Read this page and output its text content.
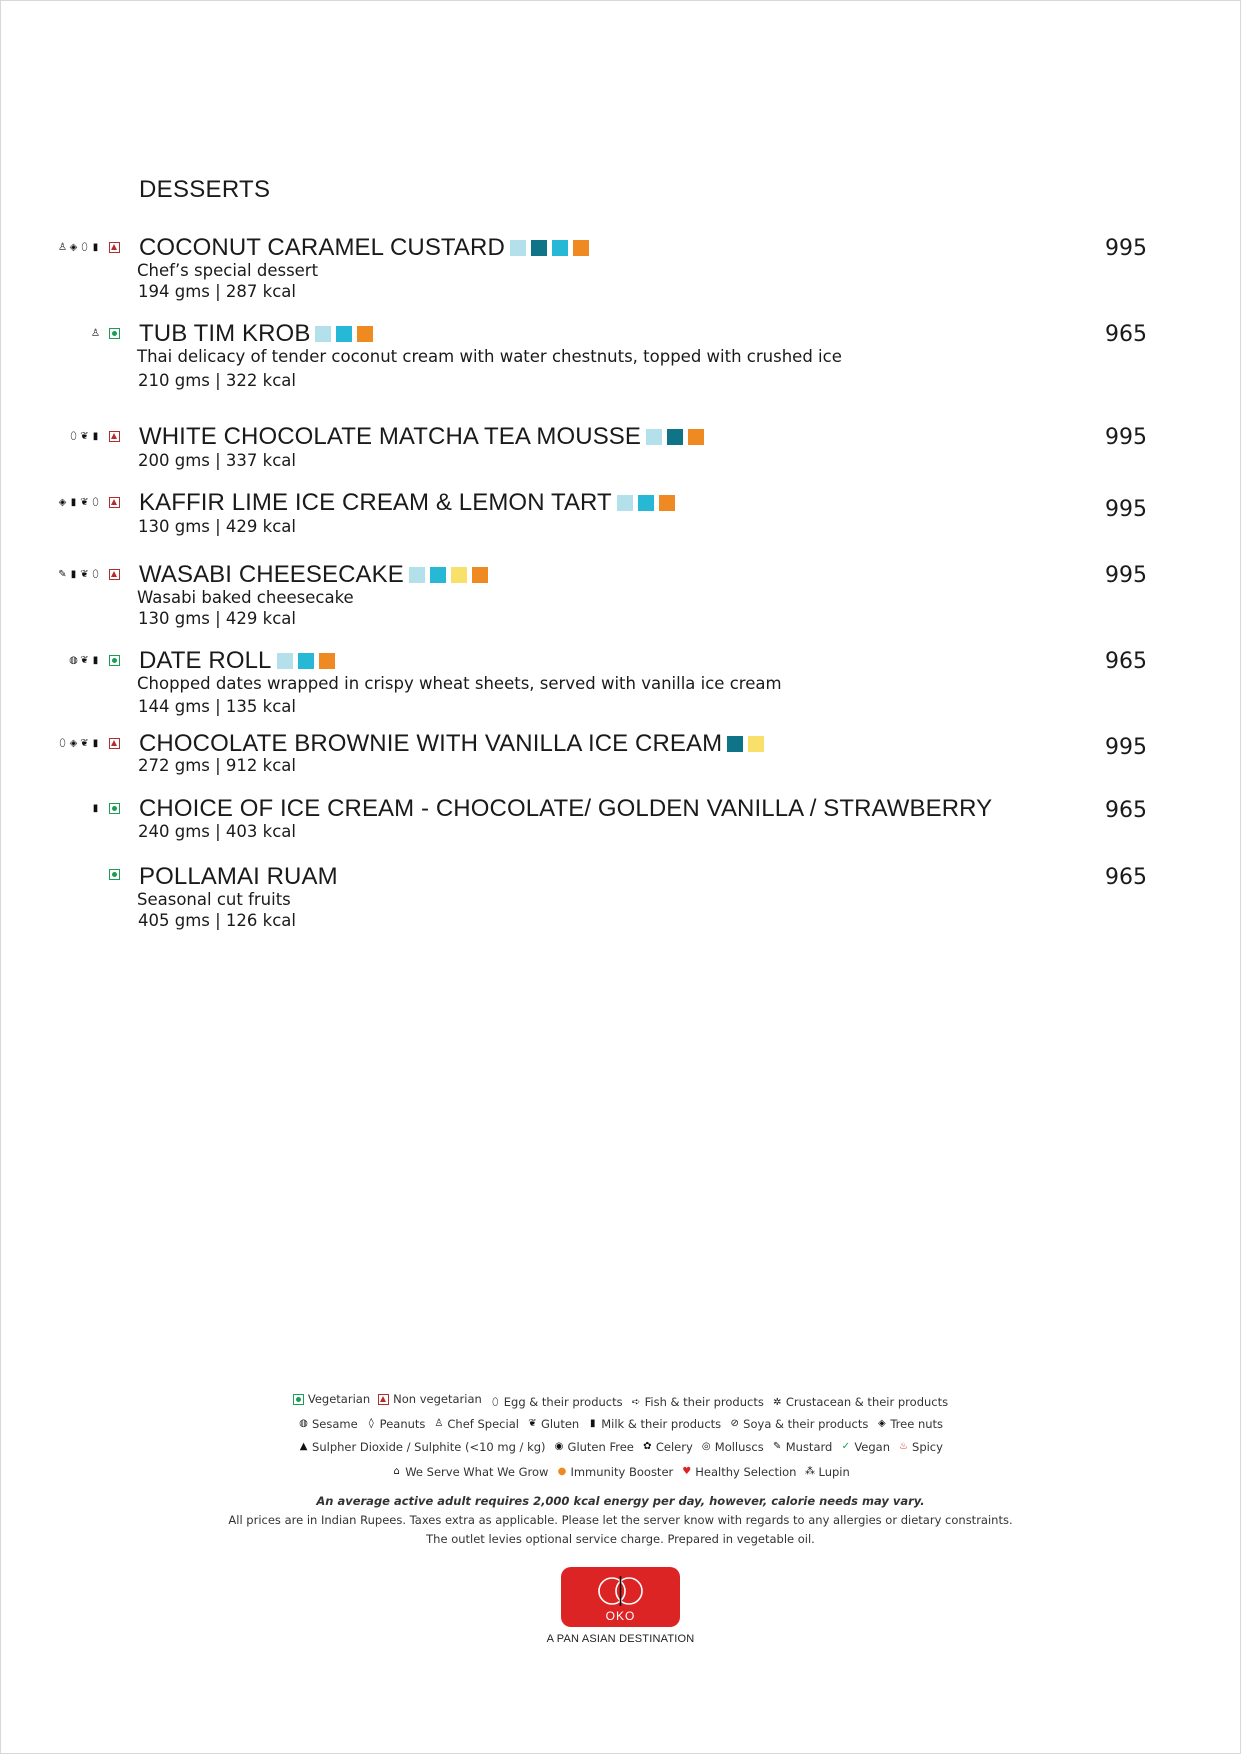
DESSERTS
♙ ◈ ⬯ ▮ COCONUT CARAMEL CUSTARD	995
Chef’s special dessert
194 gms | 287 kcal
♙ TUB TIM KROB	965
Thai delicacy of tender coconut cream with water chestnuts, topped with crushed ice
210 gms | 322 kcal
⬯ ❦ ▮ WHITE CHOCOLATE MATCHA TEA MOUSSE	995
200 gms | 337 kcal
◈ ▮ ❦ ⬯ KAFFIR LIME ICE CREAM & LEMON TART	995
130 gms | 429 kcal
✎ ▮ ❦ ⬯ WASABI CHEESECAKE	995
Wasabi baked cheesecake
130 gms | 429 kcal
◍ ❦ ▮ DATE ROLL	965
Chopped dates wrapped in crispy wheat sheets, served with vanilla ice cream
144 gms | 135 kcal
⬯ ◈ ❦ ▮ CHOCOLATE BROWNIE WITH VANILLA ICE CREAM	995
272 gms | 912 kcal
▮ CHOICE OF ICE CREAM - CHOCOLATE/ GOLDEN VANILLA / STRAWBERRY	965
240 gms | 403 kcal
POLLAMAI RUAM	965
Seasonal cut fruits
405 gms | 126 kcal
Vegetarian Non vegetarian ⬯ Egg & their products ➪ Fish & their products ✲ Crustacean & their products
◍ Sesame	◊ Peanuts ♙ Chef Special ❦ Gluten ▮ Milk & their products ⊘ Soya & their products ◈ Tree nuts
▲ Sulpher Dioxide / Sulphite (<10 mg / kg) ◉ Gluten Free ✿ Celery ◎ Molluscs ✎ Mustard ✓ Vegan ♨ Spicy
⌂ We Serve What We Grow ● Immunity Booster ♥ Healthy Selection ⁂ Lupin
An average active adult requires 2,000 kcal energy per day, however, calorie needs may vary.
All prices are in Indian Rupees. Taxes extra as applicable. Please let the server know with regards to any allergies or dietary constraints.
The outlet levies optional service charge. Prepared in vegetable oil.
OKO
A PAN ASIAN DESTINATION
